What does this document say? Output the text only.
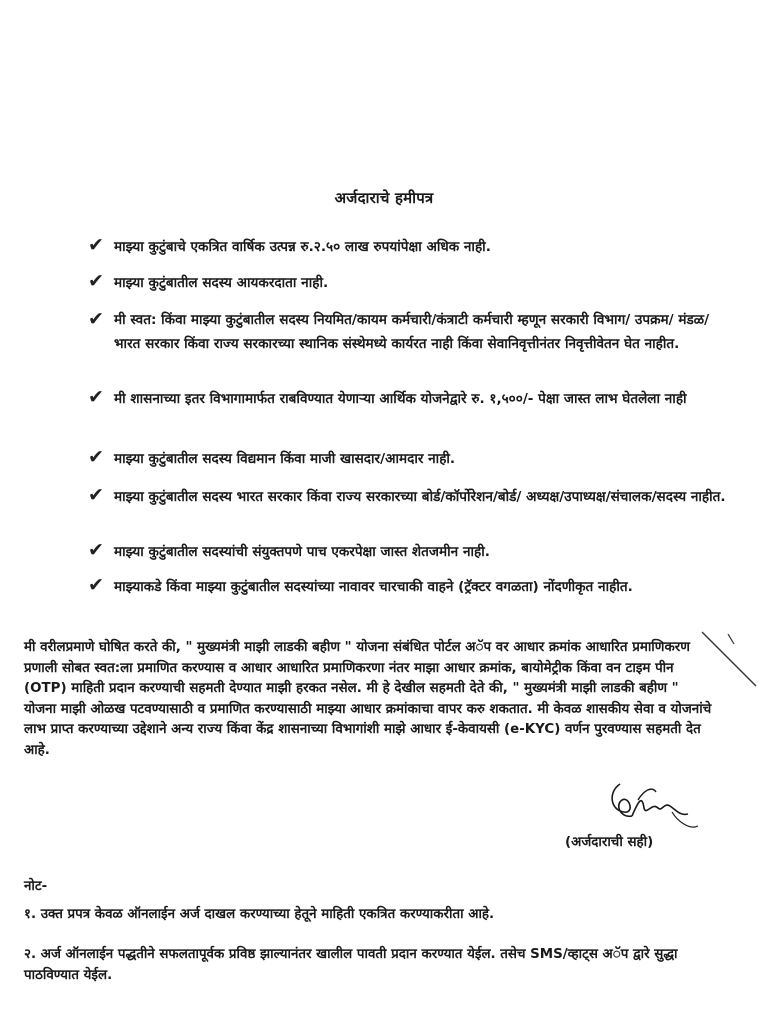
अर्जदाराचे हमीपत्र
✔ माझ्या कुटुंबाचे एकत्रित वार्षिक उत्पन्न रु.२.५० लाख रुपयांपेक्षा अधिक नाही.
✔ माझ्या कुटुंबातील सदस्य आयकरदाता नाही.
✔ मी स्वत: किंवा माझ्या कुटुंबातील सदस्य नियमित/कायम कर्मचारी/कंत्राटी कर्मचारी म्हणून सरकारी विभाग/ उपक्रम/ मंडळ/भारत सरकार किंवा राज्य सरकारच्या स्थानिक संस्थेमध्ये कार्यरत नाही किंवा सेवानिवृत्तीनंतर निवृत्तीवेतन घेत नाहीत.
✔ मी शासनाच्या इतर विभागामार्फत राबविण्यात येणाऱ्या आर्थिक योजनेद्वारे रु. १,५००/- पेक्षा जास्त लाभ घेतलेला नाही
✔ माझ्या कुटुंबातील सदस्य विद्यमान किंवा माजी खासदार/आमदार नाही.
✔ माझ्या कुटुंबातील सदस्य भारत सरकार किंवा राज्य सरकारच्या बोर्ड/कॉर्पोरेशन/बोर्ड/ अध्यक्ष/उपाध्यक्ष/संचालक/सदस्य नाहीत.
✔ माझ्या कुटुंबातील सदस्यांची संयुक्तपणे पाच एकरपेक्षा जास्त शेतजमीन नाही.
✔ माझ्याकडे किंवा माझ्या कुटुंबातील सदस्यांच्या नावावर चारचाकी वाहने (ट्रॅक्टर वगळता) नोंदणीकृत नाहीत.
मी वरीलप्रमाणे घोषित करते की, " मुख्यमंत्री माझी लाडकी बहीण " योजना संबंधित पोर्टल अॅप वर आधार क्रमांक आधारित प्रमाणिकरण प्रणाली सोबत स्वत:ला प्रमाणित करण्यास व आधार आधारित प्रमाणिकरणा नंतर माझा आधार क्रमांक, बायोमेट्रीक किंवा वन टाइम पीन (OTP) माहिती प्रदान करण्याची सहमती देण्यात माझी हरकत नसेल. मी हे देखील सहमती देते की, " मुख्यमंत्री माझी लाडकी बहीण " योजना माझी ओळख पटवण्यासाठी व प्रमाणित करण्यासाठी माझ्या आधार क्रमांकाचा वापर करु शकतात. मी केवळ शासकीय सेवा व योजनांचे लाभ प्राप्त करण्याच्या उद्देशाने अन्य राज्य किंवा केंद्र शासनाच्या विभागांशी माझे आधार ई-केवायसी (e-KYC) वर्णन पुरवण्यास सहमती देत आहे.
(अर्जदाराची सही)
नोट-
१. उक्त प्रपत्र केवळ ऑनलाईन अर्ज दाखल करण्याच्या हेतूने माहिती एकत्रित करण्याकरीता आहे.
२. अर्ज ऑनलाईन पद्धतीने सफलतापूर्वक प्रविष्ठ झाल्यानंतर खालील पावती प्रदान करण्यात येईल. तसेच SMS/व्हाट्स अॅप द्वारे सुद्धा पाठविण्यात येईल.
